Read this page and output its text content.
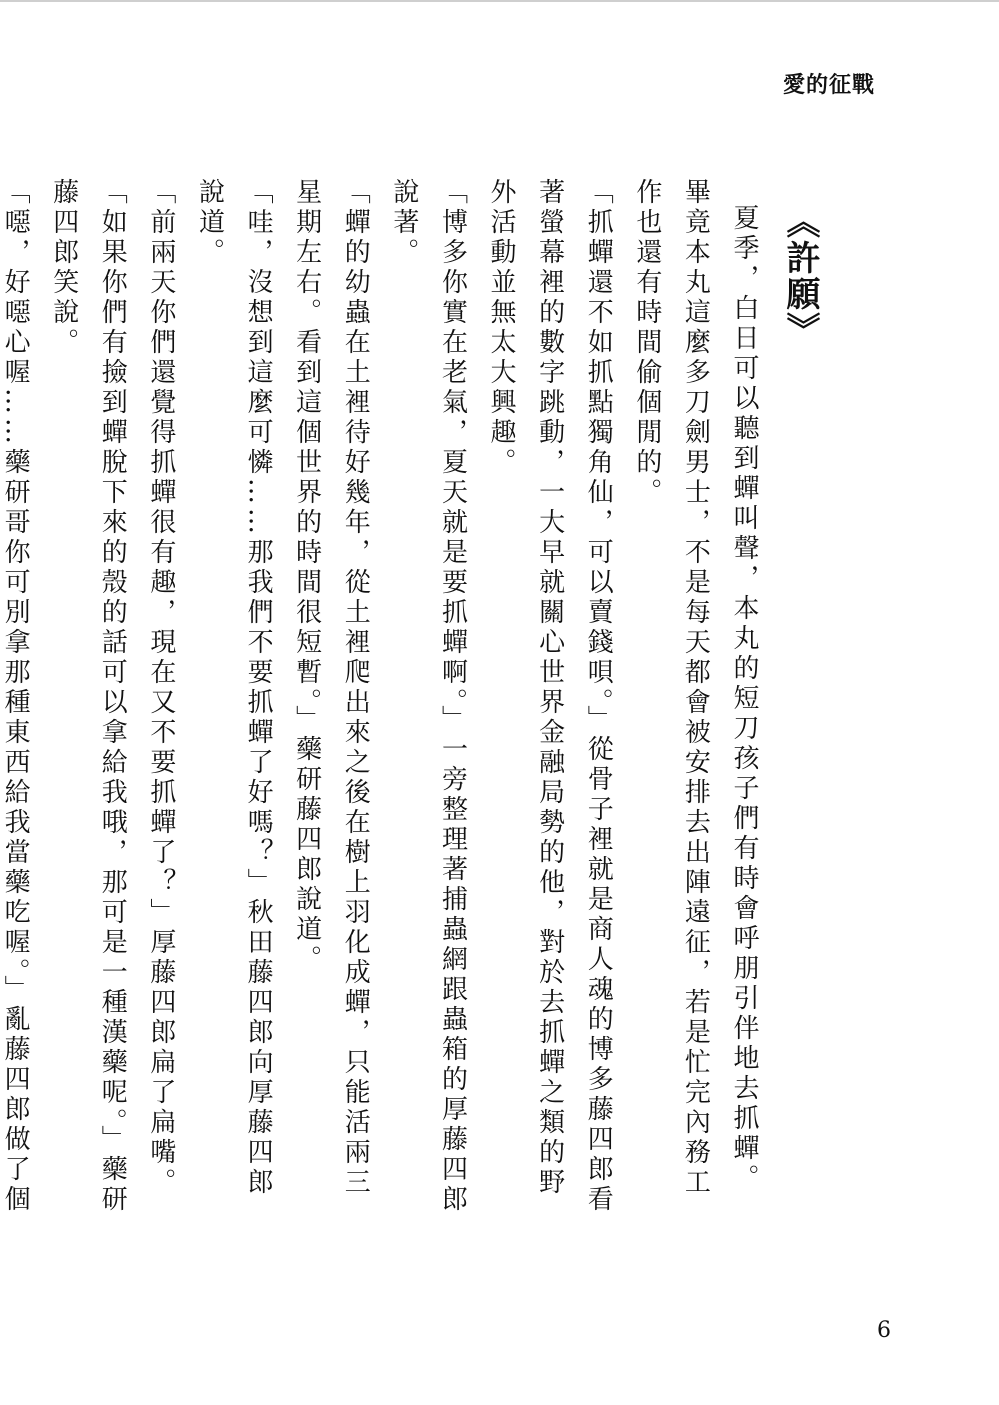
愛的征戰
《許願》

夏季，白日可以聽到蟬叫聲，本丸的短刀孩子們有時會呼朋引伴地去抓蟬。畢竟本丸這麼多刀劍男士，不是每天都會被安排去出陣遠征，若是忙完內務工作也還有時間偷個閒的。

「抓蟬還不如抓點獨角仙，可以賣錢唄。」從骨子裡就是商人魂的博多藤四郎看著螢幕裡的數字跳動，一大早就關心世界金融局勢的他，對於去抓蟬之類的野外活動並無太大興趣。

「博多你實在老氣，夏天就是要抓蟬啊。」一旁整理著捕蟲網跟蟲箱的厚藤四郎說著。

「蟬的幼蟲在土裡待好幾年，從土裡爬出來之後在樹上羽化成蟬，只能活兩三星期左右。看到這個世界的時間很短暫。」藥研藤四郎說道。

「哇，沒想到這麼可憐……那我們不要抓蟬了好嗎？」秋田藤四郎向厚藤四郎說道。

「前兩天你們還覺得抓蟬很有趣，現在又不要抓蟬了？」厚藤四郎扁了扁嘴。

「如果你們有撿到蟬脫下來的殼的話可以拿給我哦，那可是一種漢藥呢。」藥研藤四郎笑說。

「噁，好噁心喔……藥研哥你可別拿那種東西給我當藥吃喔。」亂藤四郎做了個

6
